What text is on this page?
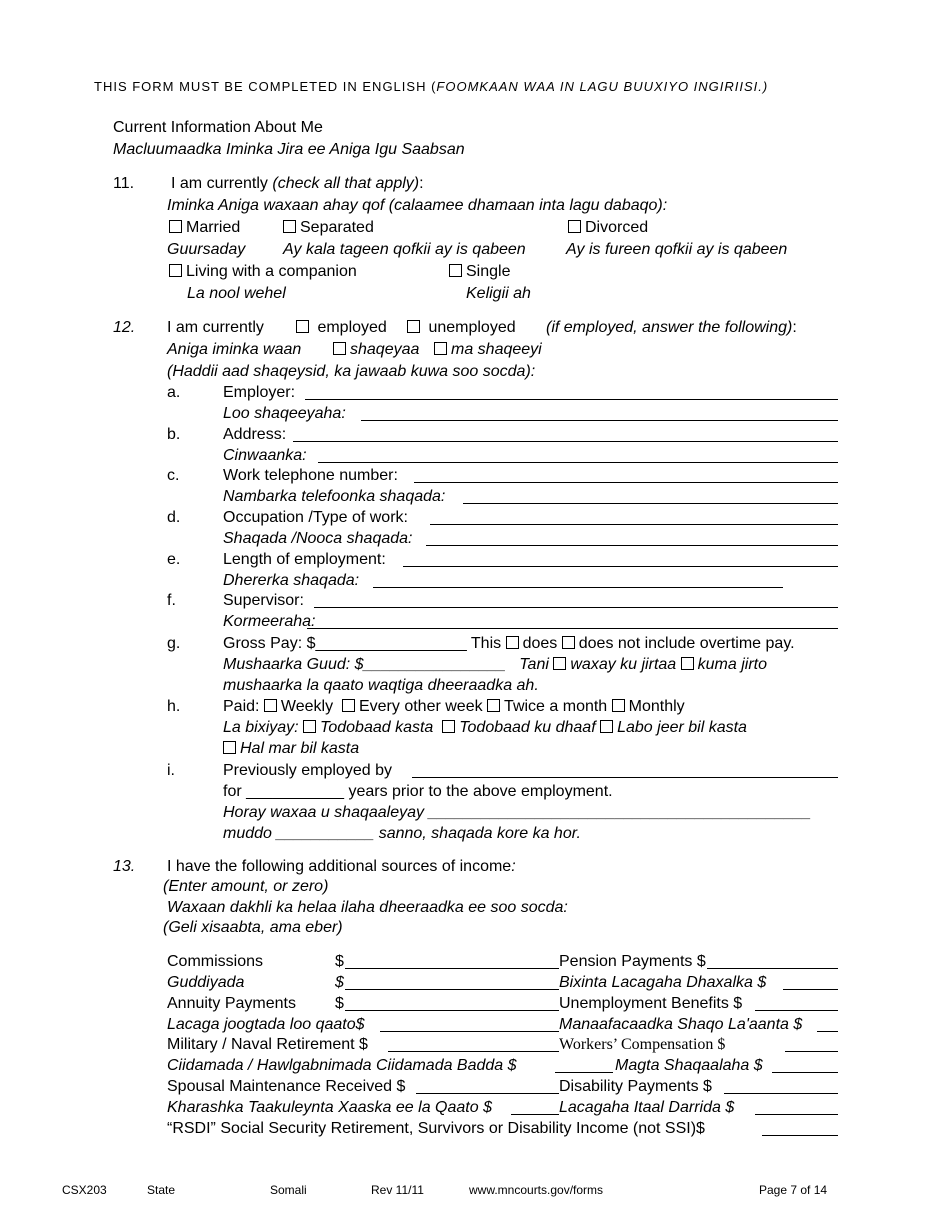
THIS FORM MUST BE COMPLETED IN ENGLISH (FOOMKAAN WAA IN LAGU BUUXIYO INGIRIISI.)
Current Information About Me
Macluumaadka Iminka Jira ee Aniga Igu Saabsan
11. I am currently (check all that apply):
Iminka Aniga waxaan ahay qof (calaamee dhamaan inta lagu dabaqo):
Married	Separated	Divorced
Guursaday Ay kala tageen qofkii ay is qabeen	Ay is fureen qofkii ay is qabeen
Living with a companion	Single
La nool wehel	Keligii ah
12. I am currently	employed	unemployed (if employed, answer the following):
Aniga iminka waan	shaqeyaa	ma shaqeeyi
(Haddii aad shaqeysid, ka jawaab kuwa soo socda):
a.	Employer:
Loo shaqeeyaha:
b.	Address:
Cinwaanka:
c.	Work telephone number:
Nambarka telefoonka shaqada:
d.	Occupation /Type of work:
Shaqada /Nooca shaqada:
e.	Length of employment:
Dhererka shaqada:
f.	Supervisor:
Kormeeraha:
g.	Gross Pay: $_________________ This does does not include overtime pay.
Mushaarka Guud: $________________ Tani waxay ku jirtaa kuma jirto
mushaarka la qaato waqtiga dheeraadka ah.
h.	Paid: Weekly Every other week Twice a month Monthly
La bixiyay: Todobaad kasta Todobaad ku dhaaf Labo jeer bil kasta
Hal mar bil kasta
i.	Previously employed by
for ___________ years prior to the above employment.
Horay waxaa u shaqaaleyay ___________________________________________
muddo ___________ sanno, shaqada kore ka hor.
13. I have the following additional sources of income:
(Enter amount, or zero)
Waxaan dakhli ka helaa ilaha dheeraadka ee soo socda:
(Geli xisaabta, ama eber)
Commissions	$	Pension Payments $
Guddiyada	$	Bixinta Lacagaha Dhaxalka $
Annuity Payments $	Unemployment Benefits $
Lacaga joogtada loo qaato$	Manaafacaadka Shaqo La'aanta $
Military / Naval Retirement $	Workers’ Compensation $
Ciidamada / Hawlgabnimada Ciidamada Badda $	Magta Shaqaalaha $
Spousal Maintenance Received $	Disability Payments $
Kharashka Taakuleynta Xaaska ee la Qaato $	Lacagaha Itaal Darrida $
“RSDI” Social Security Retirement, Survivors or Disability Income (not SSI)$
CSX203	State	Somali	Rev 11/11	www.mncourts.gov/forms	Page 7 of 14
